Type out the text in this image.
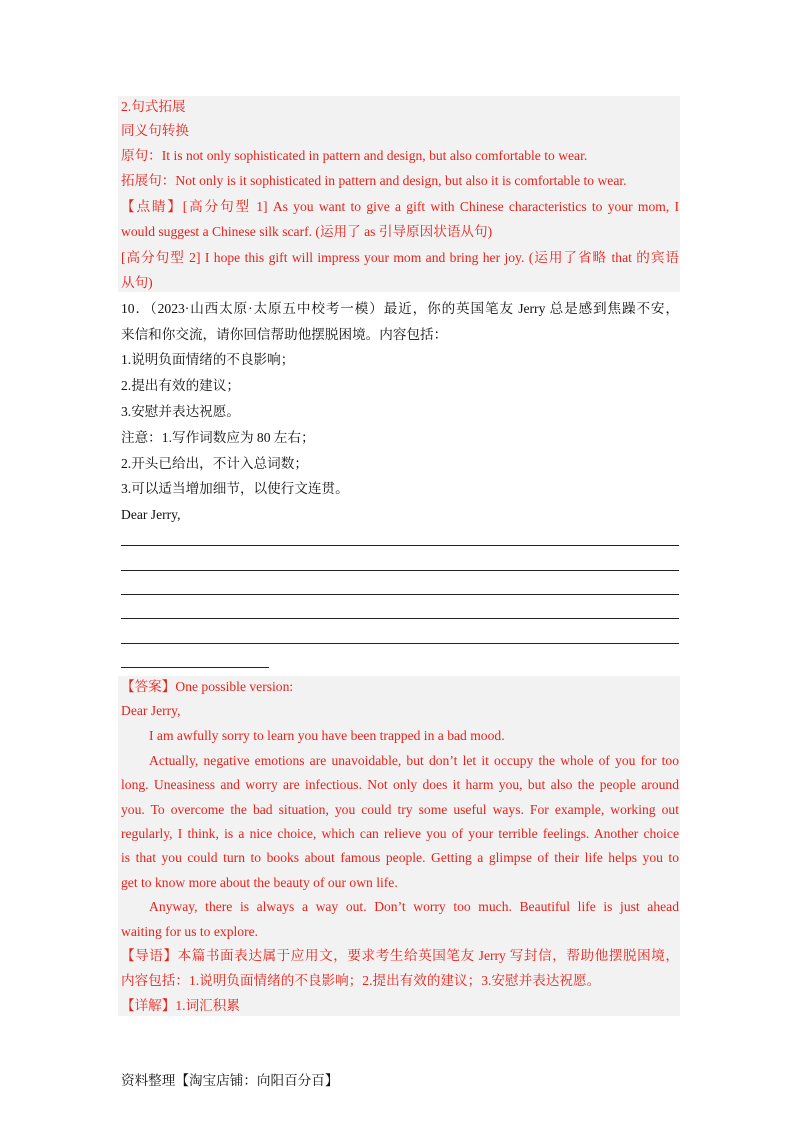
2.句式拓展
同义句转换
原句：It is not only sophisticated in pattern and design, but also comfortable to wear.
拓展句：Not only is it sophisticated in pattern and design, but also it is comfortable to wear.
【点睛】[高分句型 1] As you want to give a gift with Chinese characteristics to your mom, I
would suggest a Chinese silk scarf. (运用了 as 引导原因状语从句)
[高分句型 2] I hope this gift will impress your mom and bring her joy. (运用了省略 that 的宾语
从句)
10．（2023·山西太原·太原五中校考一模）最近，你的英国笔友 Jerry 总是感到焦躁不安，
来信和你交流，请你回信帮助他摆脱困境。内容包括：
1.说明负面情绪的不良影响；
2.提出有效的建议；
3.安慰并表达祝愿。
注意：1.写作词数应为 80 左右；
2.开头已给出，不计入总词数；
3.可以适当增加细节，以使行文连贯。
Dear Jerry,
【答案】One possible version:
Dear Jerry,
I am awfully sorry to learn you have been trapped in a bad mood.
Actually, negative emotions are unavoidable, but don’t let it occupy the whole of you for too
long. Uneasiness and worry are infectious. Not only does it harm you, but also the people around
you. To overcome the bad situation, you could try some useful ways. For example, working out
regularly, I think, is a nice choice, which can relieve you of your terrible feelings. Another choice
is that you could turn to books about famous people. Getting a glimpse of their life helps you to
get to know more about the beauty of our own life.
Anyway, there is always a way out. Don’t worry too much. Beautiful life is just ahead
waiting for us to explore.
【导语】本篇书面表达属于应用文，要求考生给英国笔友 Jerry 写封信，帮助他摆脱困境，
内容包括：1.说明负面情绪的不良影响；2.提出有效的建议；3.安慰并表达祝愿。
【详解】1.词汇积累
资料整理【淘宝店铺：向阳百分百】
